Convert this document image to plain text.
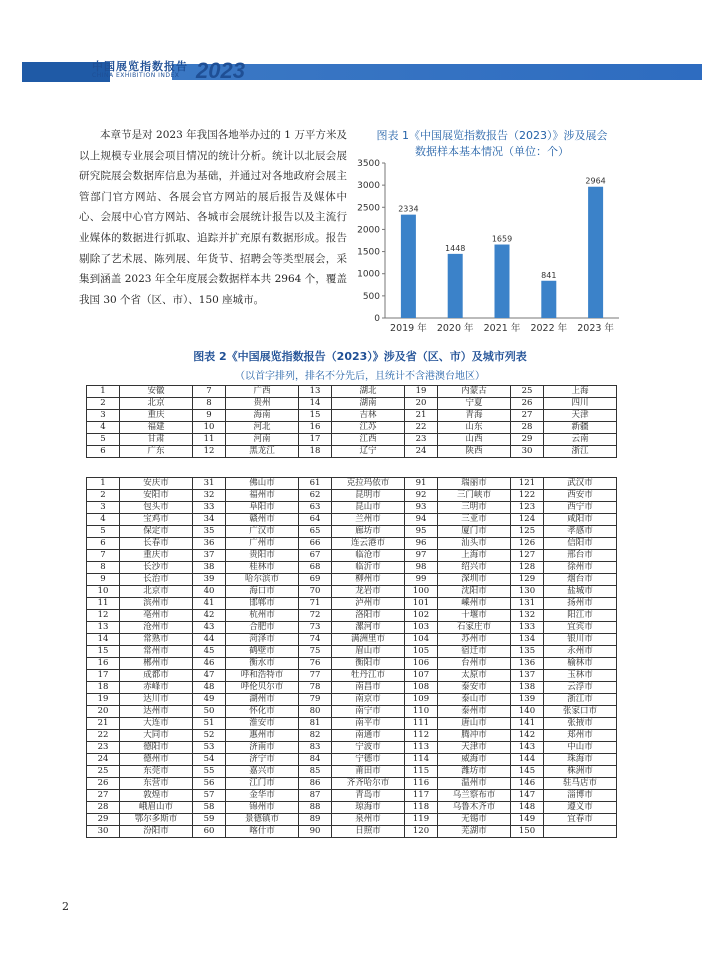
中国展览指数报告
CHINA EXHIBITION INDEX 2023

本章节是对 2023 年我国各地举办过的 1 万平方米及以上规模专业展会项目情况的统计分析。统计以北辰会展研究院展会数据库信息为基础，并通过对各地政府会展主管部门官方网站、各展会官方网站的展后报告及媒体中心、会展中心官方网站、各城市会展统计报告以及主流行业媒体的数据进行抓取、追踪并扩充原有数据形成。报告剔除了艺术展、陈列展、年货节、招聘会等类型展会，采集到涵盖 2023 年全年度展会数据样本共 2964 个，覆盖我国 30 个省（区、市）、150 座城市。

图表 1《中国展览指数报告（2023）》涉及展会
数据样本基本情况（单位：个）
0
500
1000
1500
2000
2500
3000
3500
2334
2019 年
1448
2020 年
1659
2021 年
841
2022 年
2964
2023 年
图表 2《中国展览指数报告（2023）》涉及省（区、市）及城市列表
（以首字排列，排名不分先后，且统计不含港澳台地区）
1	安徽	7	广西	13	湖北	19	内蒙古	25	上海
2	北京	8	贵州	14	湖南	20	宁夏	26	四川
3	重庆	9	海南	15	吉林	21	青海	27	天津
4	福建	10	河北	16	江苏	22	山东	28	新疆
5	甘肃	11	河南	17	江西	23	山西	29	云南
6	广东	12	黑龙江	18	辽宁	24	陕西	30	浙江
1	安庆市	31	佛山市	61	克拉玛依市	91	瑞丽市	121	武汉市
2	安阳市	32	福州市	62	昆明市	92	三门峡市	122	西安市
3	包头市	33	阜阳市	63	昆山市	93	三明市	123	西宁市
4	宝鸡市	34	赣州市	64	兰州市	94	三亚市	124	咸阳市
5	保定市	35	广汉市	65	廊坊市	95	厦门市	125	孝感市
6	长春市	36	广州市	66	连云港市	96	汕头市	126	信阳市
7	重庆市	37	贵阳市	67	临沧市	97	上海市	127	邢台市
8	长沙市	38	桂林市	68	临沂市	98	绍兴市	128	徐州市
9	长治市	39	哈尔滨市	69	柳州市	99	深圳市	129	烟台市
10	北京市	40	海口市	70	龙岩市	100	沈阳市	130	盐城市
11	滨州市	41	邯郸市	71	泸州市	101	嵊州市	131	扬州市
12	亳州市	42	杭州市	72	洛阳市	102	十堰市	132	阳江市
13	沧州市	43	合肥市	73	漯河市	103	石家庄市	133	宜宾市
14	常熟市	44	菏泽市	74	满洲里市	104	苏州市	134	银川市
15	常州市	45	鹤壁市	75	眉山市	105	宿迁市	135	永州市
16	郴州市	46	衡水市	76	衡阳市	106	台州市	136	榆林市
17	成都市	47	呼和浩特市	77	牡丹江市	107	太原市	137	玉林市
18	赤峰市	48	呼伦贝尔市	78	南昌市	108	泰安市	138	云浮市
19	达川市	49	湖州市	79	南京市	109	泰山市	139	浙江市
20	达州市	50	怀化市	80	南宁市	110	泰州市	140	张家口市
21	大连市	51	淮安市	81	南平市	111	唐山市	141	张掖市
22	大同市	52	惠州市	82	南通市	112	腾冲市	142	郑州市
23	德阳市	53	济南市	83	宁波市	113	天津市	143	中山市
24	德州市	54	济宁市	84	宁德市	114	威海市	144	珠海市
25	东莞市	55	嘉兴市	85	莆田市	115	潍坊市	145	株洲市
26	东营市	56	江门市	86	齐齐哈尔市	116	温州市	146	驻马店市
27	敦煌市	57	金华市	87	青岛市	117	乌兰察布市	147	淄博市
28	峨眉山市	58	锦州市	88	琼海市	118	乌鲁木齐市	148	遵义市
29	鄂尔多斯市	59	景德镇市	89	泉州市	119	无锡市	149	宜春市
30	汾阳市	60	喀什市	90	日照市	120	芜湖市	150	
2
